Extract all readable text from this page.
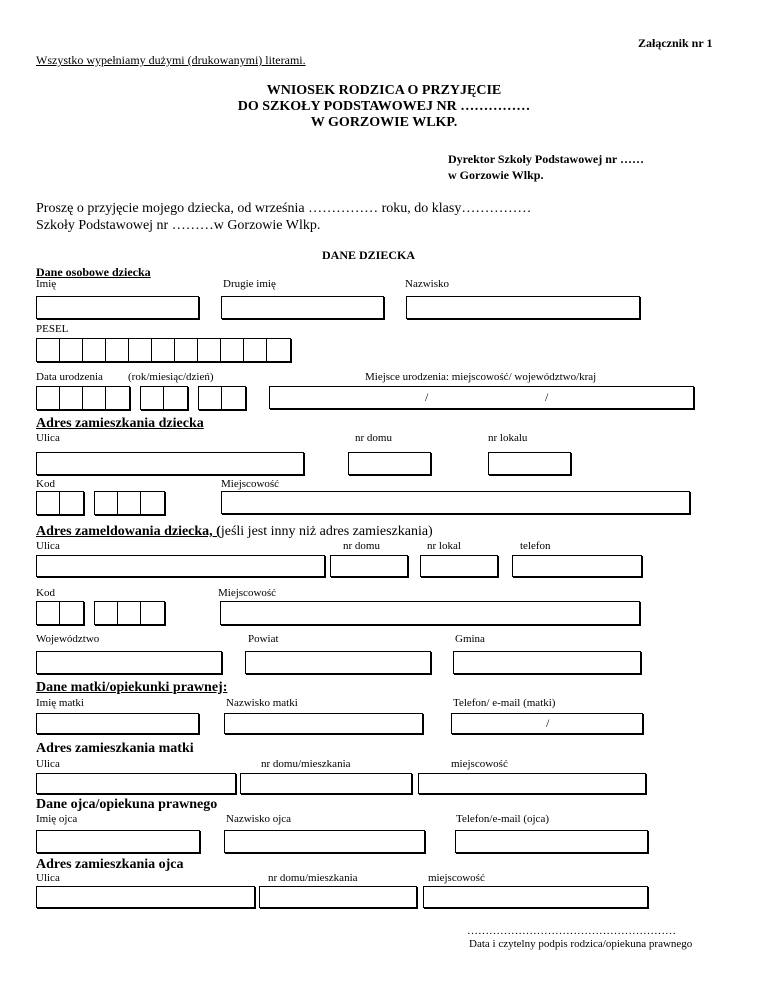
Załącznik nr 1
Wszystko wypełniamy dużymi (drukowanymi) literami.
WNIOSEK RODZICA O PRZYJĘCIE
DO SZKOŁY PODSTAWOWEJ NR ……………
W GORZOWIE WLKP.
Dyrektor Szkoły Podstawowej nr ……
w Gorzowie Wlkp.
Proszę o przyjęcie mojego dziecka, od września …………… roku, do klasy……………
Szkoły Podstawowej nr ………w Gorzowie Wlkp.
DANE DZIECKA
Dane osobowe dziecka
Imię	Drugie imię	Nazwisko
PESEL
Data urodzenia (rok/miesiąc/dzień)	Miejsce urodzenia: miejscowość/ województwo/kraj
/	/
Adres zamieszkania dziecka
Ulica	nr domu	nr lokalu
Kod	Miejscowość
Adres zameldowania dziecka, (jeśli jest inny niż adres zamieszkania)
Ulica	nr domu	nr lokal	telefon
Kod	Miejscowość
Województwo	Powiat	Gmina
Dane matki/opiekunki prawnej:
Imię matki	Nazwisko matki	Telefon/ e-mail (matki)
/
Adres zamieszkania matki
Ulica	nr domu/mieszkania	miejscowość
Dane ojca/opiekuna prawnego
Imię ojca	Nazwisko ojca	Telefon/e-mail (ojca)
Adres zamieszkania ojca
Ulica	nr domu/mieszkania	miejscowość
…………………………………………………
Data i czytelny podpis rodzica/opiekuna prawnego
